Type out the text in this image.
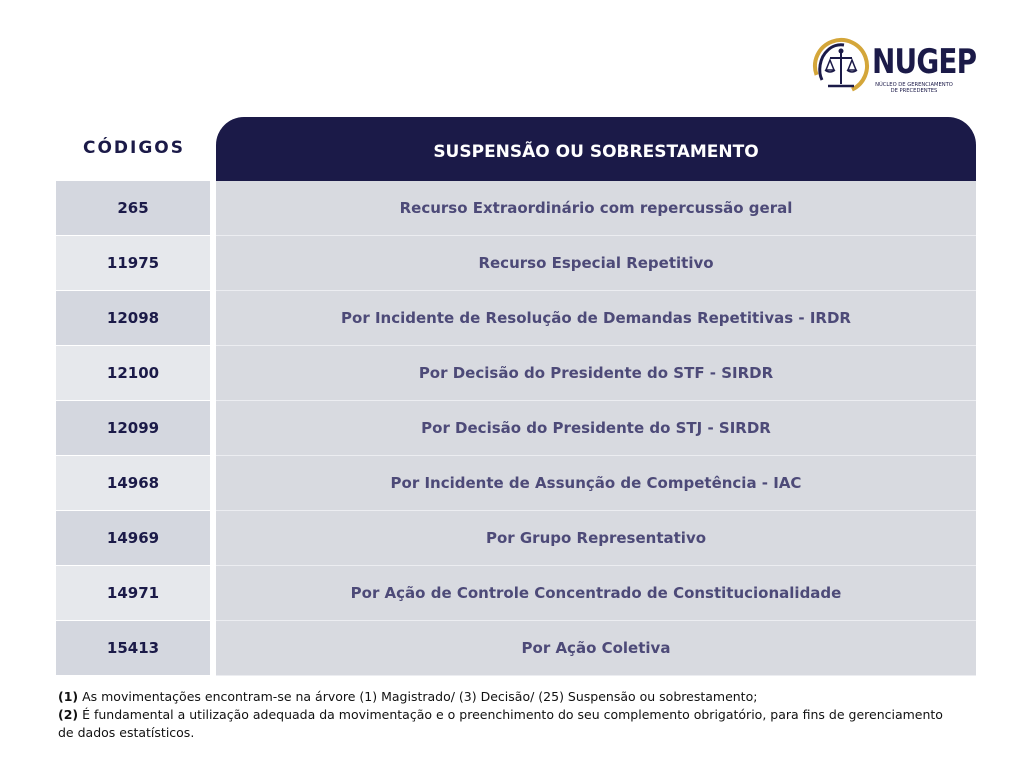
NUGEP
NÚCLEO DE GERENCIAMENTO DE PRECEDENTES
CÓDIGOS	SUSPENSÃO OU SOBRESTAMENTO
265	Recurso Extraordinário com repercussão geral
11975	Recurso Especial Repetitivo
12098	Por Incidente de Resolução de Demandas Repetitivas - IRDR
12100	Por Decisão do Presidente do STF - SIRDR
12099	Por Decisão do Presidente do STJ - SIRDR
14968	Por Incidente de Assunção de Competência - IAC
14969	Por Grupo Representativo
14971	Por Ação de Controle Concentrado de Constitucionalidade
15413	Por Ação Coletiva
(1) As movimentações encontram-se na árvore (1) Magistrado/ (3) Decisão/ (25) Suspensão ou sobrestamento;
(2) É fundamental a utilização adequada da movimentação e o preenchimento do seu complemento obrigatório, para fins de gerenciamento de dados estatísticos.
